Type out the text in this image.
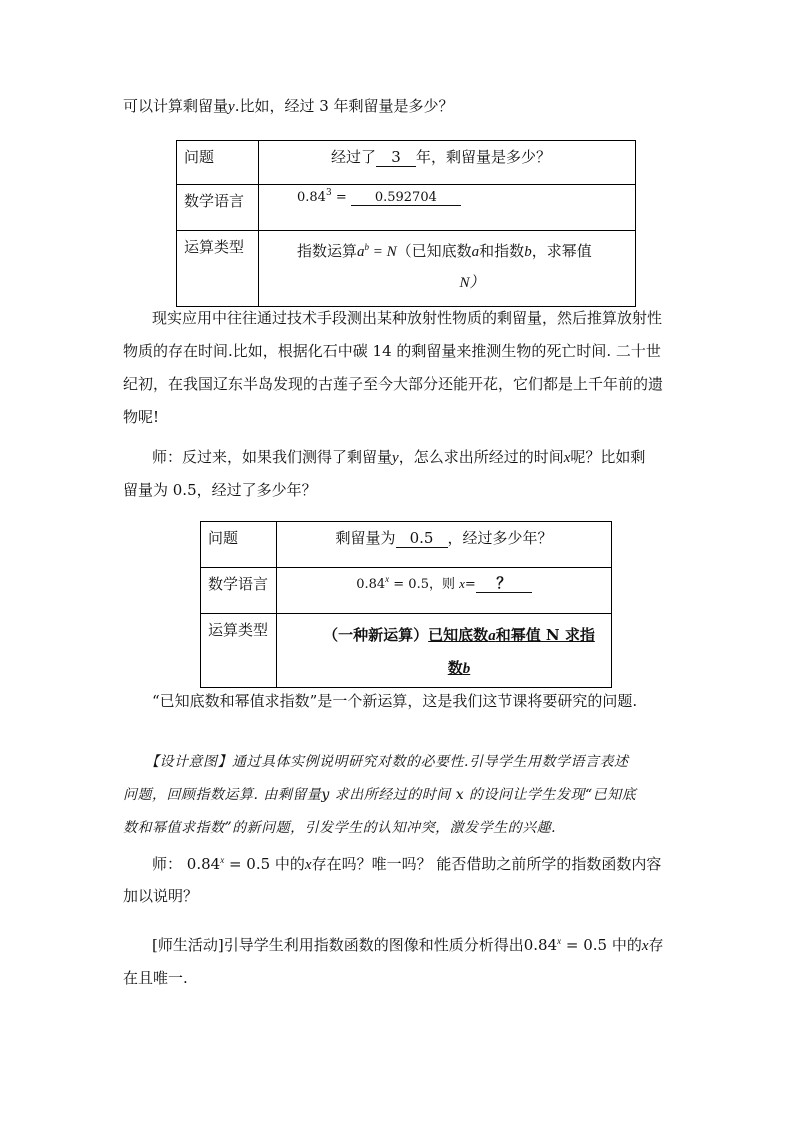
可以计算剩留量y.比如，经过 3 年剩留量是多少？

问题	经过了 3 年，剩留量是多少？
数学语言	$0.84^3 = 0.592704$
运算类型	指数运算$a^b = N$（已知底数a和指数b，求幂值
N）

现实应用中往往通过技术手段测出某种放射性物质的剩留量，然后推算放射性

物质的存在时间.比如，根据化石中碳 14 的剩留量来推测生物的死亡时间. 二十世

纪初，在我国辽东半岛发现的古莲子至今大部分还能开花，它们都是上千年前的遗

物呢!

师：反过来，如果我们测得了剩留量y，怎么求出所经过的时间x呢？比如剩

留量为 0.5，经过了多少年？

问题	剩留量为 0.5 ，经过多少年？
数学语言	$0.84^x = 0.5$，则 x= ？
运算类型	（一种新运算）已知底数a和幂值 N 求指
数b

“已知底数和幂值求指数”是一个新运算，这是我们这节课将要研究的问题.

【设计意图】通过具体实例说明研究对数的必要性.引导学生用数学语言表述

问题，回顾指数运算. 由剩留量y 求出所经过的时间 x 的设问让学生发现“已知底

数和幂值求指数”的新问题，引发学生的认知冲突，激发学生的兴趣.

师： $0.84^x = 0.5$ 中的x存在吗？唯一吗？ 能否借助之前所学的指数函数内容

加以说明？

[师生活动]引导学生利用指数函数的图像和性质分析得出$0.84^x = 0.5$ 中的x存

在且唯一.
